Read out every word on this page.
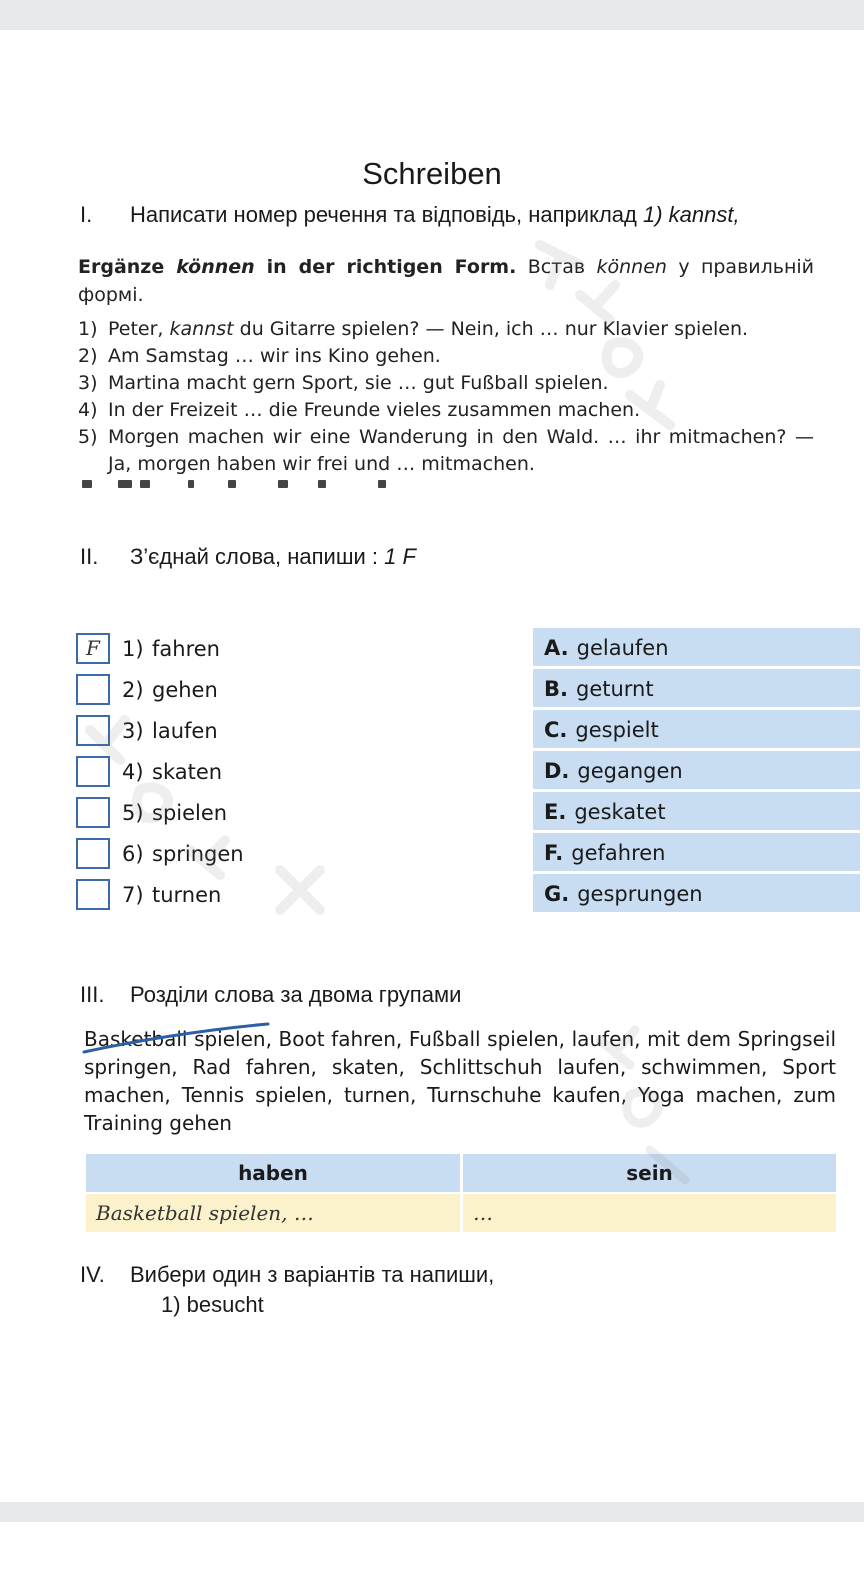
Schreiben
I. Написати номер речення та відповідь, наприклад 1) kannst,
Ergänze können in der richtigen Form. Встав können у правильній формі.
1) Peter, kannst du Gitarre spielen? — Nein, ich … nur Klavier spielen.
2) Am Samstag … wir ins Kino gehen.
3) Martina macht gern Sport, sie … gut Fußball spielen.
4) In der Freizeit … die Freunde vieles zusammen machen.
5) Morgen machen wir eine Wanderung in den Wald. … ihr mitmachen? — Ja, morgen haben wir frei und … mitmachen.
II. З’єднай слова, напиши : 1 F
F	1) fahren
2) gehen
3) laufen
4) skaten
5) spielen
6) springen
7) turnen
A. gelaufen
B. geturnt
C. gespielt
D. gegangen
E. geskatet
F. gefahren
G. gesprungen
III. Розділи слова за двома групами
Basketball spielen, Boot fahren, Fußball spielen, laufen, mit dem Springseil springen, Rad fahren, skaten, Schlittschuh laufen, schwimmen, Sport machen, Tennis spielen, turnen, Turnschuhe kaufen, Yoga machen, zum Training gehen
haben	sein
Basketball spielen, …	…
IV. Вибери один з варіантів та напиши,
1) besucht
